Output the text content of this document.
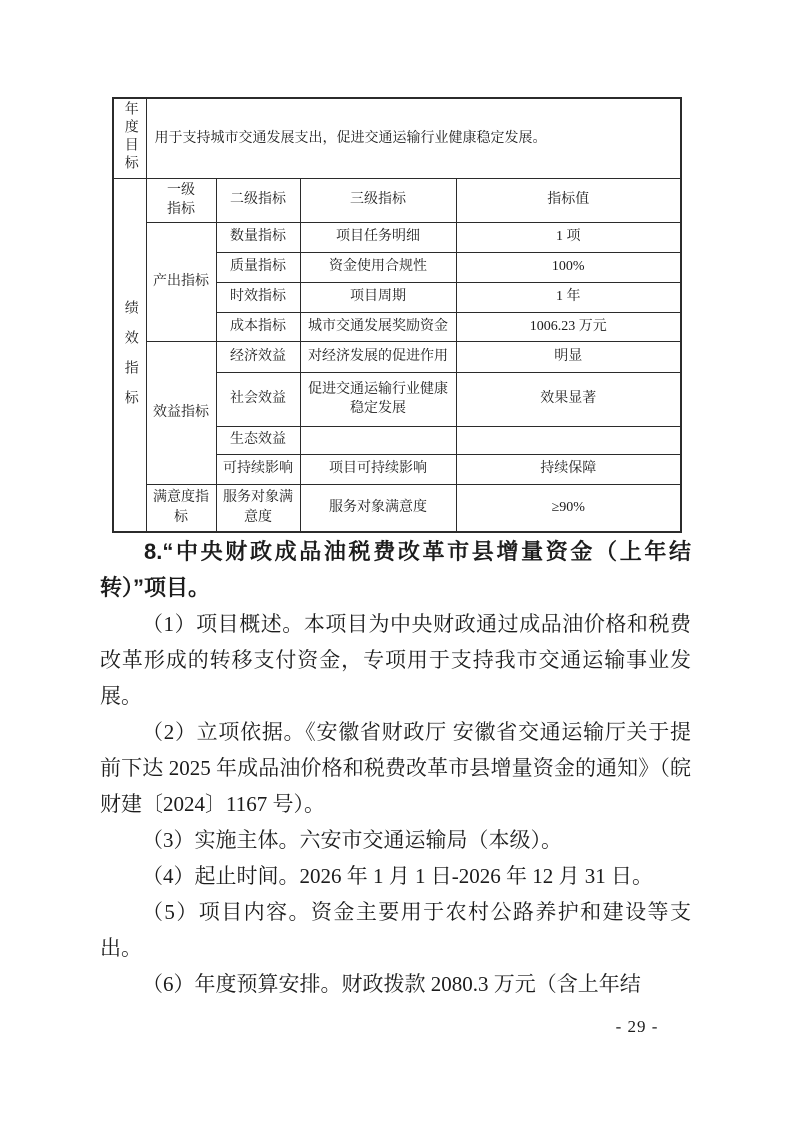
年度目标	用于支持城市交通发展支出，促进交通运输行业健康稳定发展。			
绩效指标	一级指标	二级指标	三级指标	指标值
	产出指标	数量指标	项目任务明细	1 项
		质量指标	资金使用合规性	100%
		时效指标	项目周期	1 年
		成本指标	城市交通发展奖励资金	1006.23 万元
	效益指标	经济效益	对经济发展的促进作用	明显
		社会效益	促进交通运输行业健康稳定发展	效果显著
		生态效益		
		可持续影响	项目可持续影响	持续保障
	满意度指标	服务对象满意度	服务对象满意度	≥90%

8.“中央财政成品油税费改革市县增量资金（上年结转）”项目。

（1）项目概述。本项目为中央财政通过成品油价格和税费改革形成的转移支付资金，专项用于支持我市交通运输事业发展。

（2）立项依据。《安徽省财政厅 安徽省交通运输厅关于提前下达 2025 年成品油价格和税费改革市县增量资金的通知》（皖财建〔2024〕1167 号）。

（3）实施主体。六安市交通运输局（本级）。

（4）起止时间。2026 年 1 月 1 日-2026 年 12 月 31 日。

（5）项目内容。资金主要用于农村公路养护和建设等支出。

（6）年度预算安排。财政拨款 2080.3 万元（含上年结

- 29 -
